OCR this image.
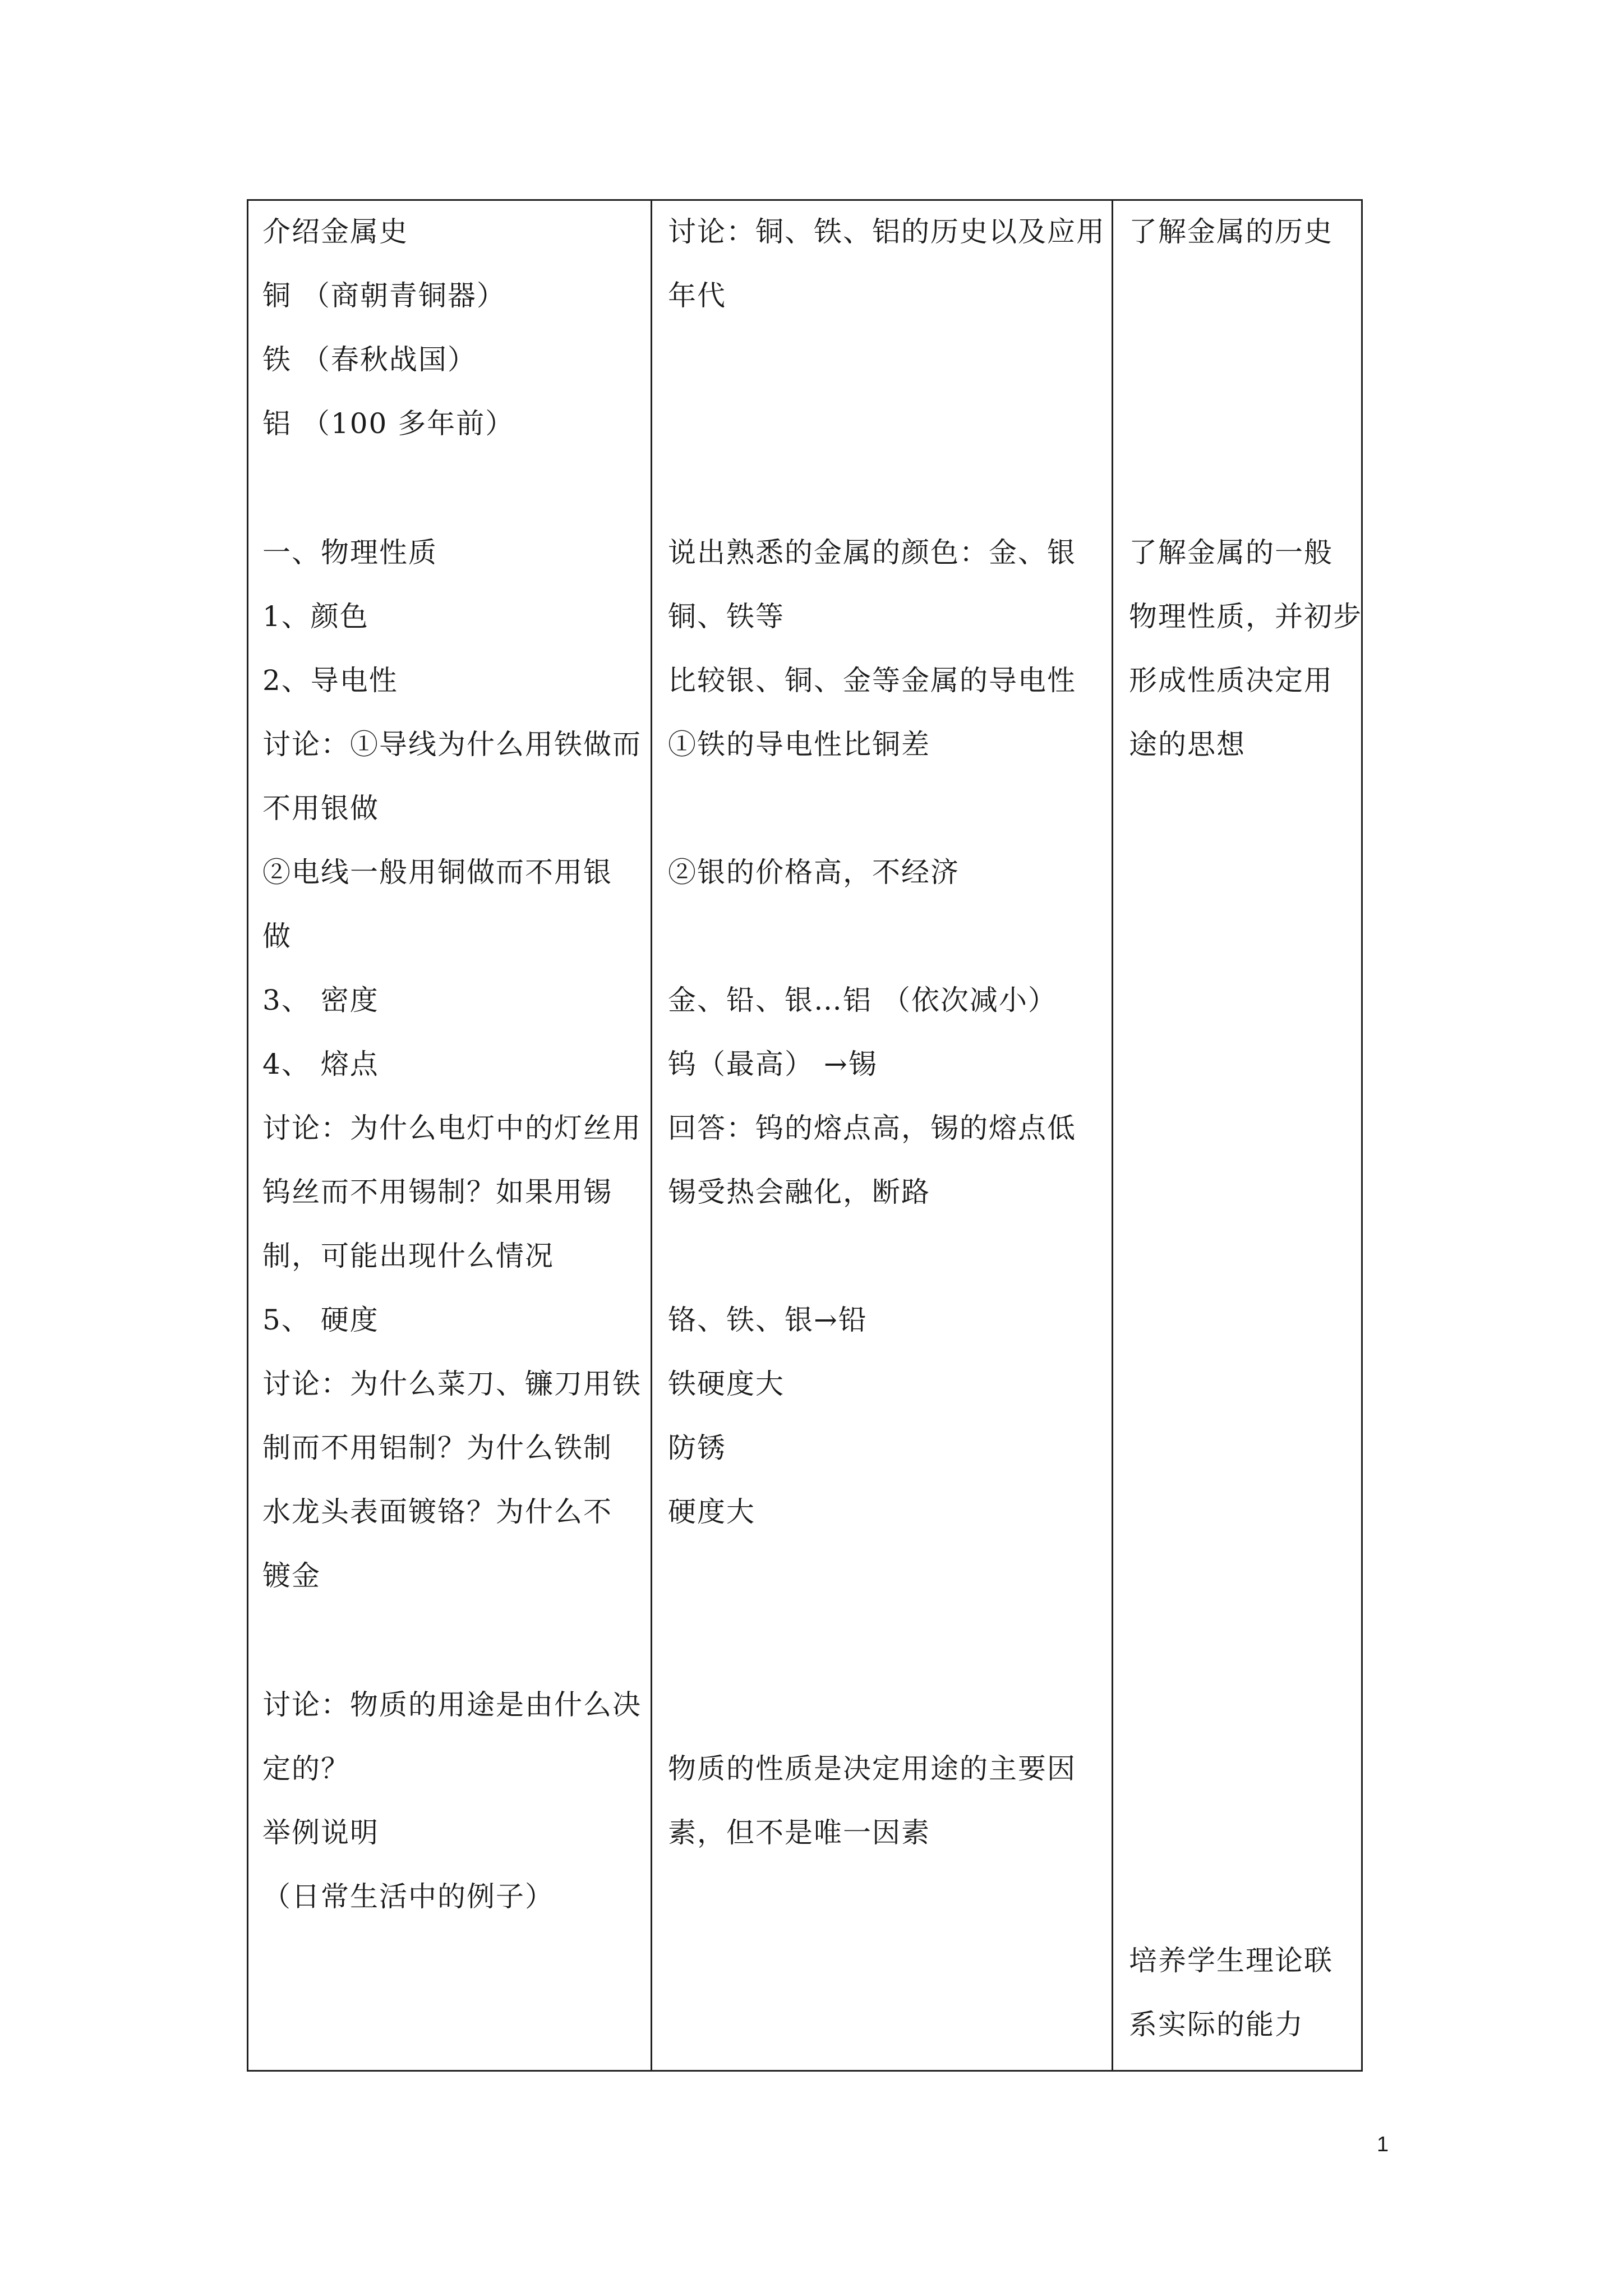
介绍金属史
铜 （商朝青铜器）
铁 （春秋战国）
铝 （100 多年前）
一、物理性质
1、颜色
2、导电性
讨论：①导线为什么用铁做而
不用银做
②电线一般用铜做而不用银
做
3、 密度
4、 熔点
讨论：为什么电灯中的灯丝用
钨丝而不用锡制？如果用锡
制，可能出现什么情况
5、 硬度
讨论：为什么菜刀、镰刀用铁
制而不用铝制？为什么铁制
水龙头表面镀铬？为什么不
镀金
讨论：物质的用途是由什么决
定的？
举例说明
（日常生活中的例子）
讨论：铜、铁、铝的历史以及应用
年代
说出熟悉的金属的颜色：金、银
铜、铁等
比较银、铜、金等金属的导电性
①铁的导电性比铜差
②银的价格高，不经济
金、铅、银…铝 （依次减小）
钨（最高） →锡
回答：钨的熔点高，锡的熔点低
锡受热会融化，断路
铬、铁、银→铅
铁硬度大
防锈
硬度大
物质的性质是决定用途的主要因
素，但不是唯一因素
了解金属的历史
了解金属的一般
物理性质，并初步
形成性质决定用
途的思想
培养学生理论联
系实际的能力
1
